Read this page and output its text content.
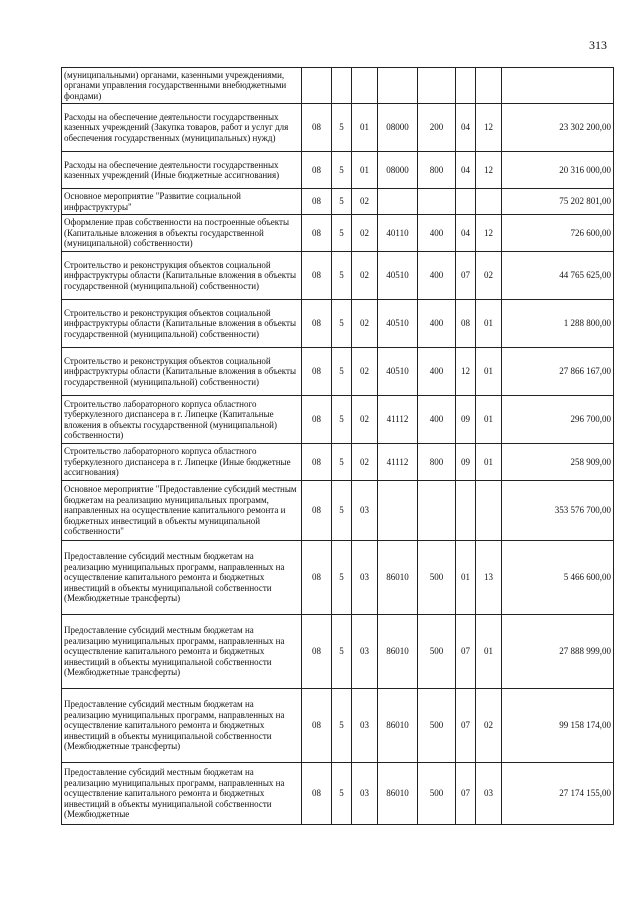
313
(муниципальными) органами, казенными учреждениями, органами управления государственными внебюджетными фондами)								
Расходы на обеспечение деятельности государственных казенных учреждений (Закупка товаров, работ и услуг для обеспечения государственных (муниципальных) нужд)	08	5	01	08000	200	04	12	23 302 200,00
Расходы на обеспечение деятельности государственных казенных учреждений (Иные бюджетные ассигнования)	08	5	01	08000	800	04	12	20 316 000,00
Основное мероприятие "Развитие социальной инфраструктуры"	08	5	02					75 202 801,00
Оформление прав собственности на построенные объекты (Капитальные вложения в объекты государственной (муниципальной) собственности)	08	5	02	40110	400	04	12	726 600,00
Строительство и реконструкция объектов социальной инфраструктуры области (Капитальные вложения в объекты государственной (муниципальной) собственности)	08	5	02	40510	400	07	02	44 765 625,00
Строительство и реконструкция объектов социальной инфраструктуры области (Капитальные вложения в объекты государственной (муниципальной) собственности)	08	5	02	40510	400	08	01	1 288 800,00
Строительство и реконструкция объектов социальной инфраструктуры области (Капитальные вложения в объекты государственной (муниципальной) собственности)	08	5	02	40510	400	12	01	27 866 167,00
Строительство лабораторного корпуса областного туберкулезного диспансера в г. Липецке (Капитальные вложения в объекты государственной (муниципальной) собственности)	08	5	02	41112	400	09	01	296 700,00
Строительство лабораторного корпуса областного туберкулезного диспансера в г. Липецке (Иные бюджетные ассигнования)	08	5	02	41112	800	09	01	258 909,00
Основное мероприятие "Предоставление субсидий местным бюджетам на реализацию муниципальных программ, направленных на осуществление капитального ремонта и бюджетных инвестиций в объекты муниципальной собственности"	08	5	03					353 576 700,00
Предоставление субсидий местным бюджетам на реализацию муниципальных программ, направленных на осуществление капитального ремонта и бюджетных инвестиций в объекты муниципальной собственности (Межбюджетные трансферты)	08	5	03	86010	500	01	13	5 466 600,00
Предоставление субсидий местным бюджетам на реализацию муниципальных программ, направленных на осуществление капитального ремонта и бюджетных инвестиций в объекты муниципальной собственности (Межбюджетные трансферты)	08	5	03	86010	500	07	01	27 888 999,00
Предоставление субсидий местным бюджетам на реализацию муниципальных программ, направленных на осуществление капитального ремонта и бюджетных инвестиций в объекты муниципальной собственности (Межбюджетные трансферты)	08	5	03	86010	500	07	02	99 158 174,00
Предоставление субсидий местным бюджетам на реализацию муниципальных программ, направленных на осуществление капитального ремонта и бюджетных инвестиций в объекты муниципальной собственности (Межбюджетные	08	5	03	86010	500	07	03	27 174 155,00
